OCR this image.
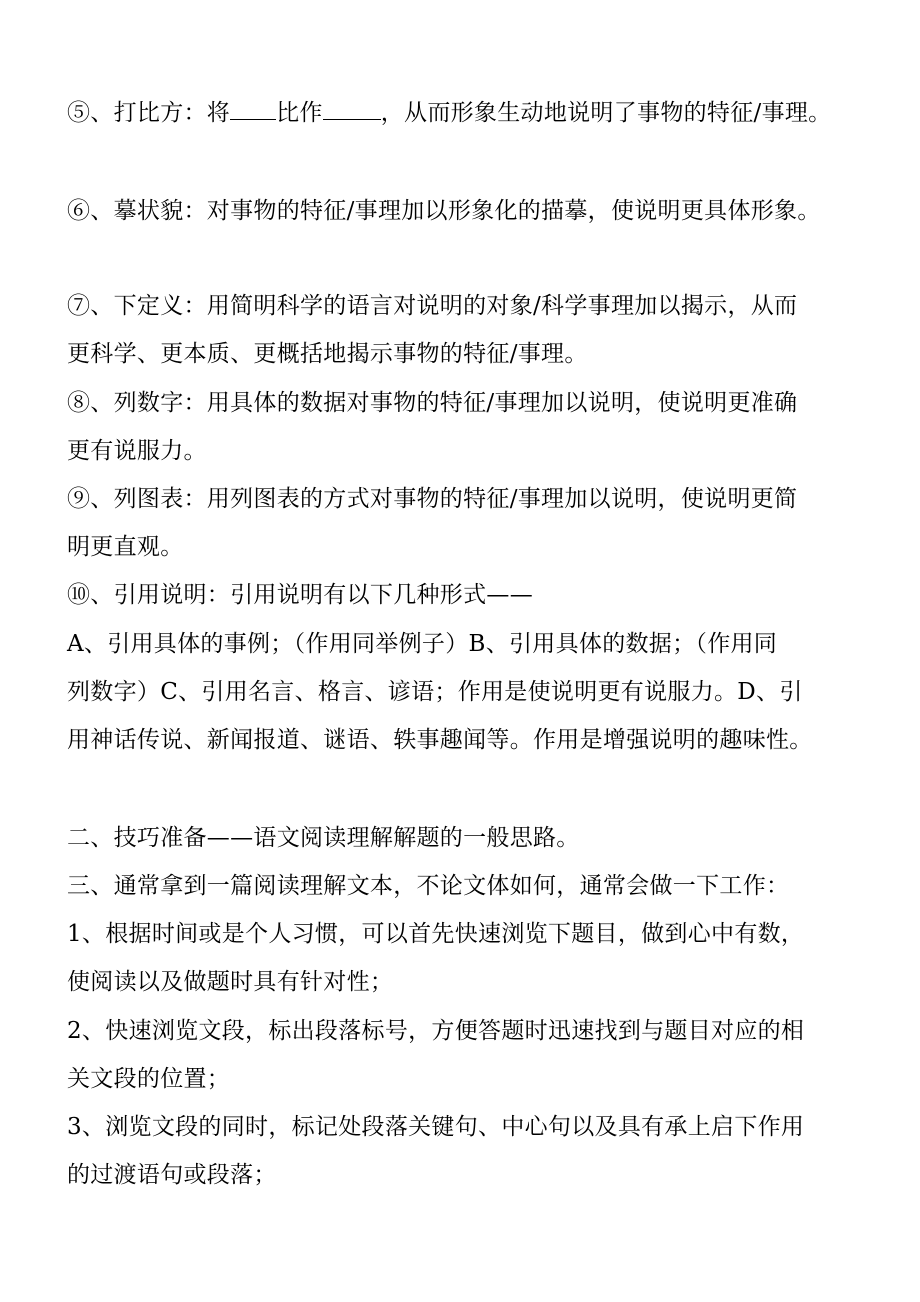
⑤、打比方：将 比作	，从而形象生动地说明了事物的特征/事理。
⑥、摹状貌：对事物的特征/事理加以形象化的描摹，使说明更具体形象。
⑦、下定义：用简明科学的语言对说明的对象/科学事理加以揭示，从而
更科学、更本质、更概括地揭示事物的特征/事理。
⑧、列数字：用具体的数据对事物的特征/事理加以说明，使说明更准确
更有说服力。
⑨、列图表：用列图表的方式对事物的特征/事理加以说明，使说明更简
明更直观。
⑩、引用说明：引用说明有以下几种形式——
A、引用具体的事例；（作用同举例子）B、引用具体的数据；（作用同
列数字）C、引用名言、格言、谚语；作用是使说明更有说服力。D、引
用神话传说、新闻报道、谜语、轶事趣闻等。作用是增强说明的趣味性。
二、技巧准备——语文阅读理解解题的一般思路。
三、通常拿到一篇阅读理解文本，不论文体如何，通常会做一下工作：
1、根据时间或是个人习惯，可以首先快速浏览下题目，做到心中有数，
使阅读以及做题时具有针对性；
2、快速浏览文段，标出段落标号，方便答题时迅速找到与题目对应的相
关文段的位置；
3、浏览文段的同时，标记处段落关键句、中心句以及具有承上启下作用
的过渡语句或段落；
